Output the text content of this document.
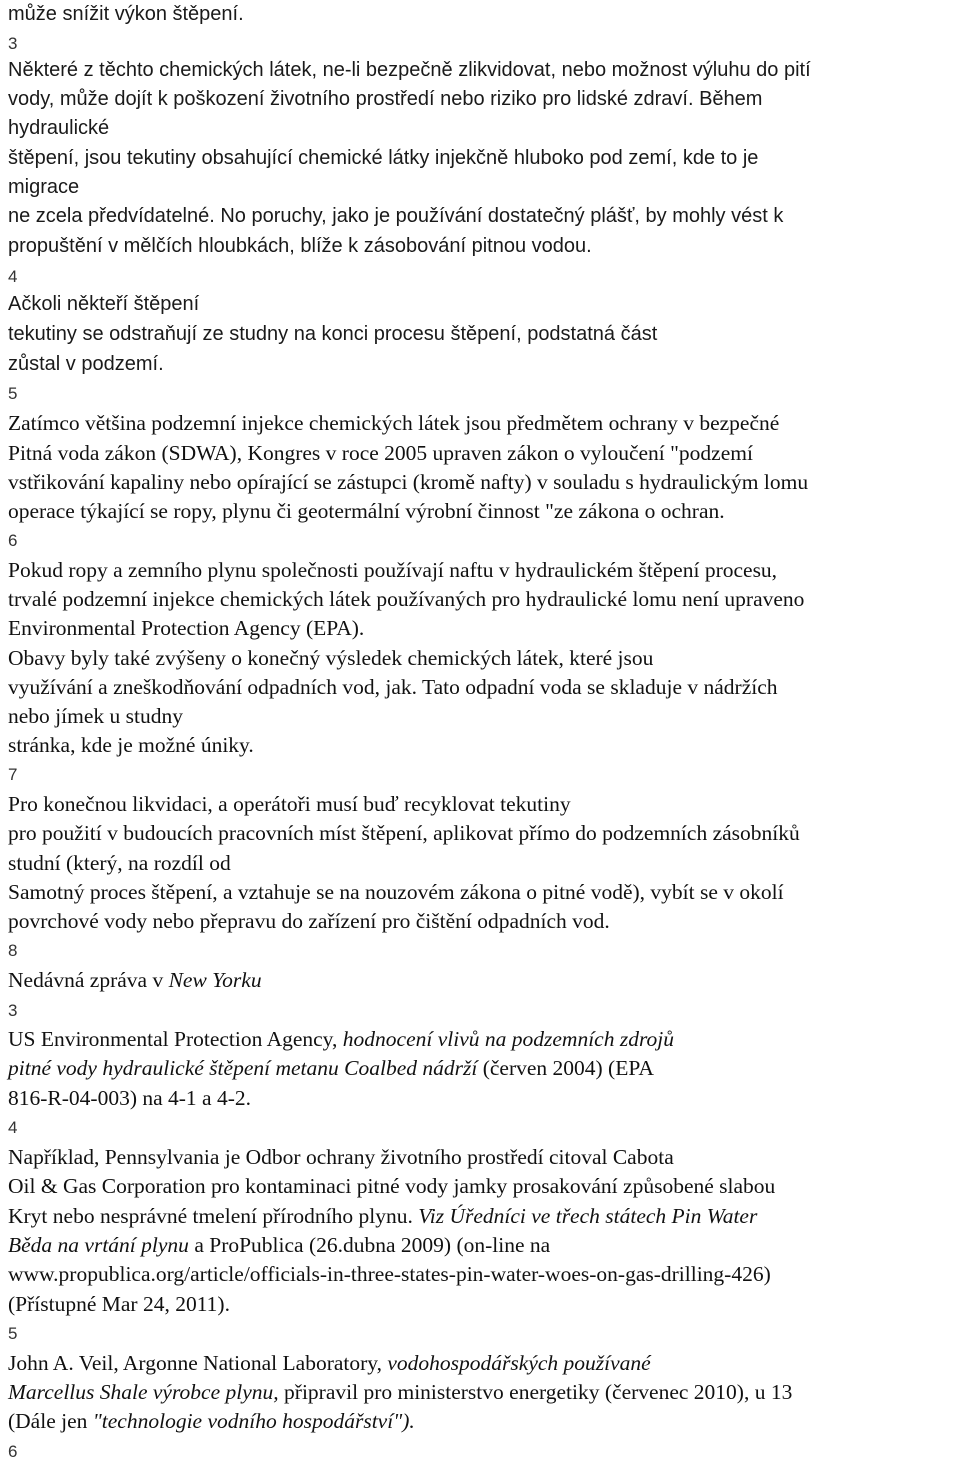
může snížit výkon štěpení.
3
Některé z těchto chemických látek, ne-li bezpečně zlikvidovat, nebo možnost výluhu do pití
vody, může dojít k poškození životního prostředí nebo riziko pro lidské zdraví. Během
hydraulické
štěpení, jsou tekutiny obsahující chemické látky injekčně hluboko pod zemí, kde to je
migrace
ne zcela předvídatelné. No poruchy, jako je používání dostatečný plášť, by mohly vést k
propuštění v mělčích hloubkách, blíže k zásobování pitnou vodou.
4
Ačkoli někteří štěpení
tekutiny se odstraňují ze studny na konci procesu štěpení, podstatná část
zůstal v podzemí.
5
Zatímco většina podzemní injekce chemických látek jsou předmětem ochrany v bezpečné
Pitná voda zákon (SDWA), Kongres v roce 2005 upraven zákon o vyloučení "podzemí
vstřikování kapaliny nebo opírající se zástupci (kromě nafty) v souladu s hydraulickým lomu
operace týkající se ropy, plynu či geotermální výrobní činnost "ze zákona o ochran.
6
Pokud ropy a zemního plynu společnosti používají naftu v hydraulickém štěpení procesu,
trvalé podzemní injekce chemických látek používaných pro hydraulické lomu není upraveno
Environmental Protection Agency (EPA).
Obavy byly také zvýšeny o konečný výsledek chemických látek, které jsou
využívání a zneškodňování odpadních vod, jak. Tato odpadní voda se skladuje v nádržích
nebo jímek u studny
stránka, kde je možné úniky.
7
Pro konečnou likvidaci, a operátoři musí buď recyklovat tekutiny
pro použití v budoucích pracovních míst štěpení, aplikovat přímo do podzemních zásobníků
studní (který, na rozdíl od
Samotný proces štěpení, a vztahuje se na nouzovém zákona o pitné vodě), vybít se v okolí
povrchové vody nebo přepravu do zařízení pro čištění odpadních vod.
8
Nedávná zpráva v New Yorku
3
US Environmental Protection Agency, hodnocení vlivů na podzemních zdrojů
pitné vody hydraulické štěpení metanu Coalbed nádrží (červen 2004) (EPA
816-R-04-003) na 4-1 a 4-2.
4
Například, Pennsylvania je Odbor ochrany životního prostředí citoval Cabota
Oil & Gas Corporation pro kontaminaci pitné vody jamky prosakování způsobené slabou
Kryt nebo nesprávné tmelení přírodního plynu. Viz Úředníci ve třech státech Pin Water
Běda na vrtání plynu a ProPublica (26.dubna 2009) (on-line na
www.propublica.org/article/officials-in-three-states-pin-water-woes-on-gas-drilling-426)
(Přístupné Mar 24, 2011).
5
John A. Veil, Argonne National Laboratory, vodohospodářských používané
Marcellus Shale výrobce plynu, připravil pro ministerstvo energetiky (červenec 2010), u 13
(Dále jen "technologie vodního hospodářství").
6
